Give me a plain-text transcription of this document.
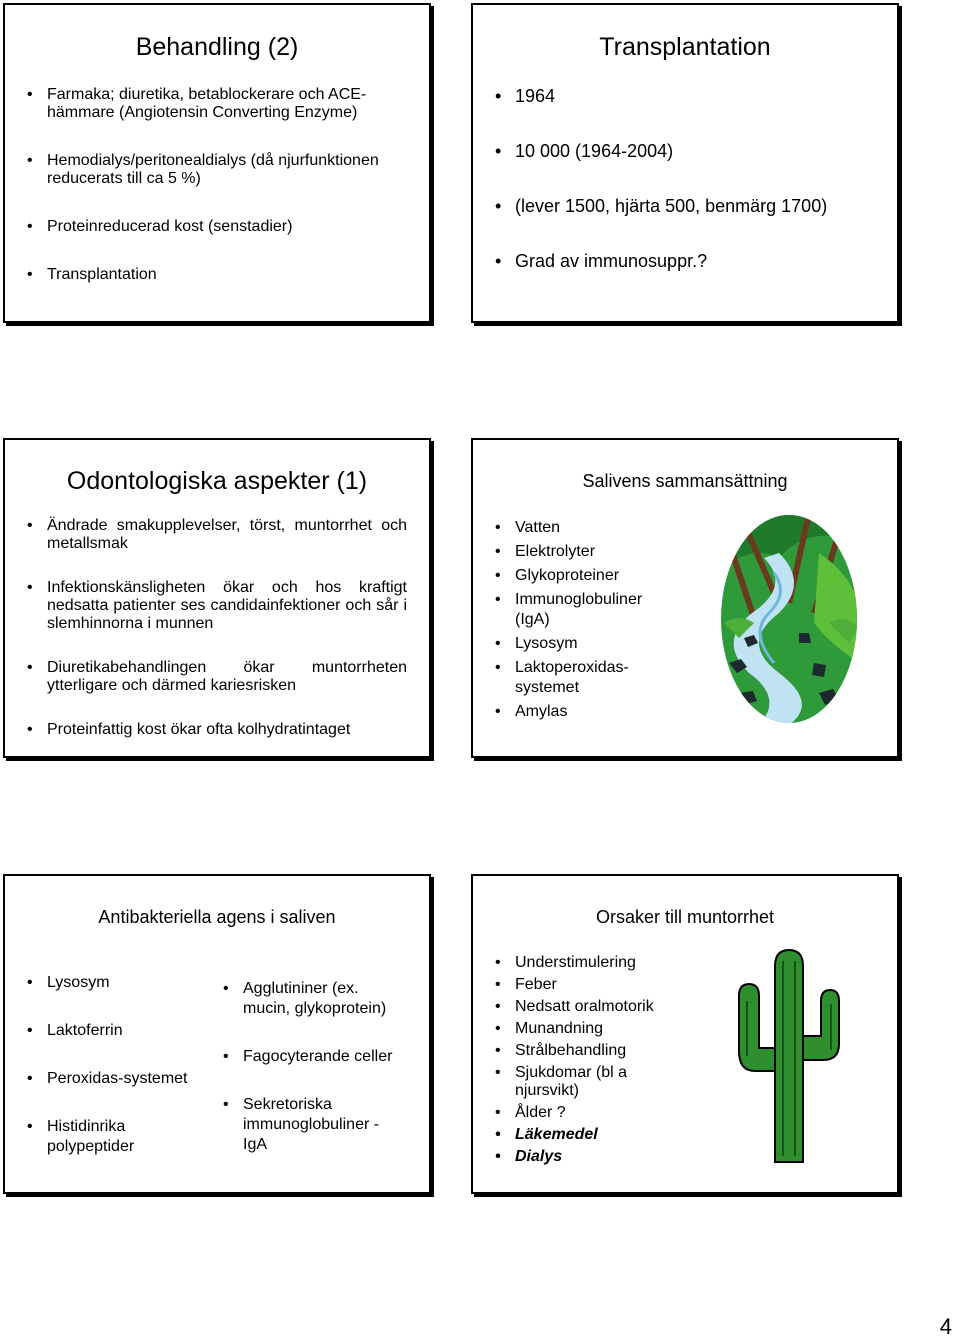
Behandling (2)
• Farmaka; diuretika, betablockerare och ACE-hämmare (Angiotensin Converting Enzyme)
• Hemodialys/peritonealdialys (då njurfunktionen reducerats till ca 5 %)
• Proteinreducerad kost (senstadier)
• Transplantation
Transplantation
• 1964
• 10 000 (1964-2004)
• (lever 1500, hjärta 500, benmärg 1700)
• Grad av immunosuppr.?
Odontologiska aspekter (1)
• Ändrade smakupplevelser, törst, muntorrhet och metallsmak
• Infektionskänsligheten ökar och hos kraftigt nedsatta patienter ses candidainfektioner och sår i slemhinnorna i munnen
• Diuretikabehandlingen ökar muntorrheten ytterligare och därmed kariesrisken
• Proteinfattig kost ökar ofta kolhydratintaget
Salivens sammansättning
• Vatten
• Elektrolyter
• Glykoproteiner
• Immunoglobuliner (IgA)
• Lysosym
• Laktoperoxidas-systemet
• Amylas
Antibakteriella agens i saliven
• Lysosym
• Laktoferrin
• Peroxidas-systemet
• Histidinrika polypeptider
• Agglutininer (ex. mucin, glykoprotein)
• Fagocyterande celler
• Sekretoriska immunoglobuliner - IgA
Orsaker till muntorrhet
• Understimulering
• Feber
• Nedsatt oralmotorik
• Munandning
• Strålbehandling
• Sjukdomar (bl a njursvikt)
• Ålder ?
• Läkemedel
• Dialys
4
